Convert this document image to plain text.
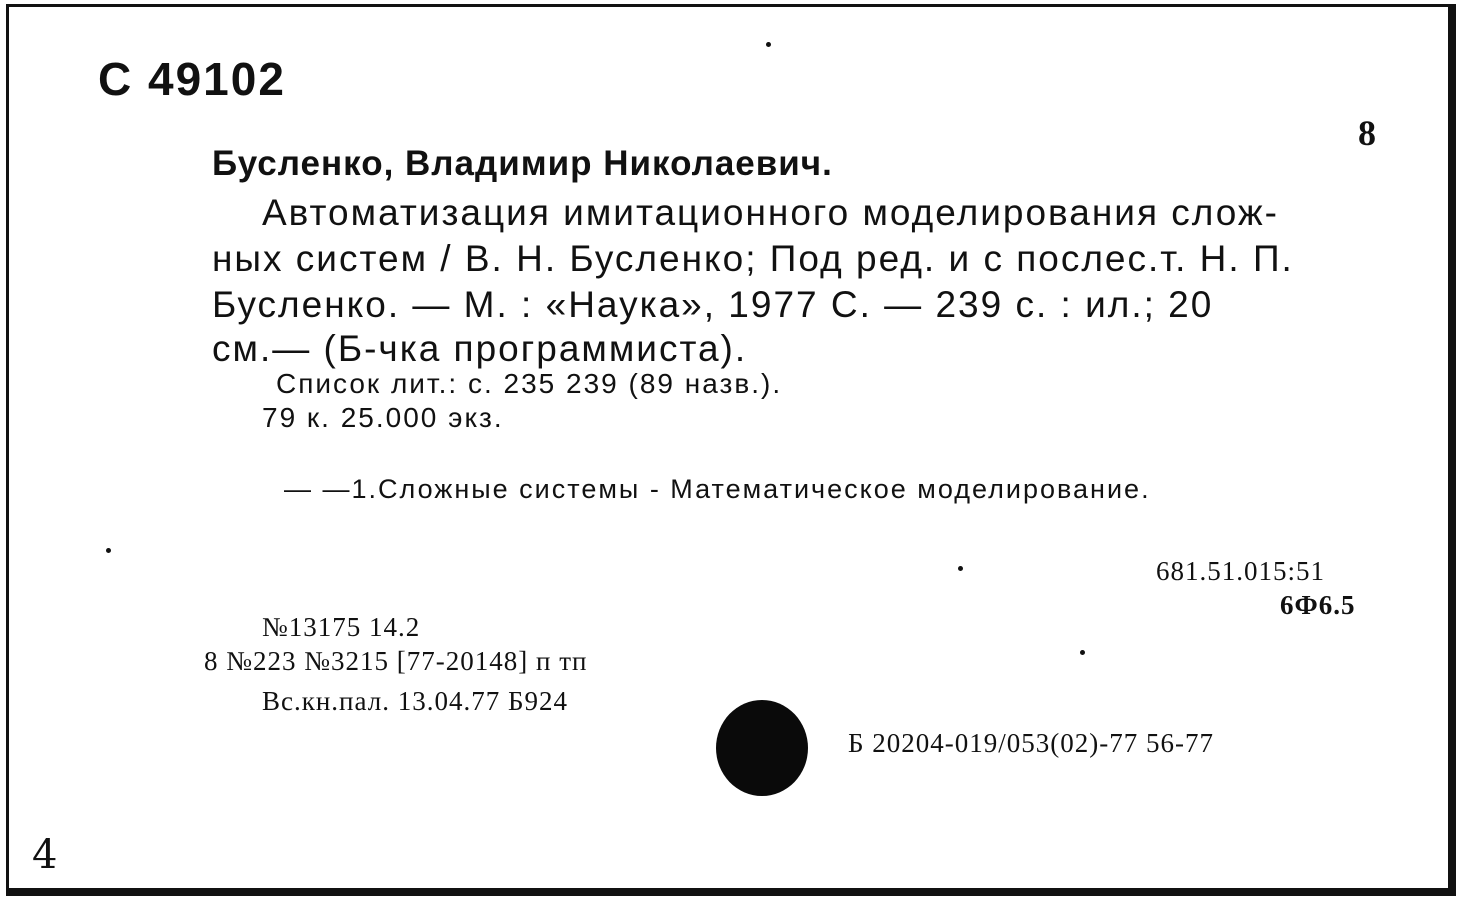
С 49102
8
Бусленко, Владимир Николаевич.
Автоматизация имитационного моделирования слож-
ных систем / В. Н. Бусленко; Под ред. и с послес.т. Н. П.
Бусленко. — М. : «Наука», 1977 С. — 239 с. : ил.; 20
см.— (Б-чка программиста).
Список лит.: с. 235 239 (89 назв.).
79 к. 25.000 экз.
— —1.Сложные системы - Математическое моделирование.
681.51.015:51
6Ф6.5
№13175 14.2
8 №223 №3215 [77-20148] п тп
Вс.кн.пал. 13.04.77 Б924
Б 20204-019/053(02)-77 56-77
4
